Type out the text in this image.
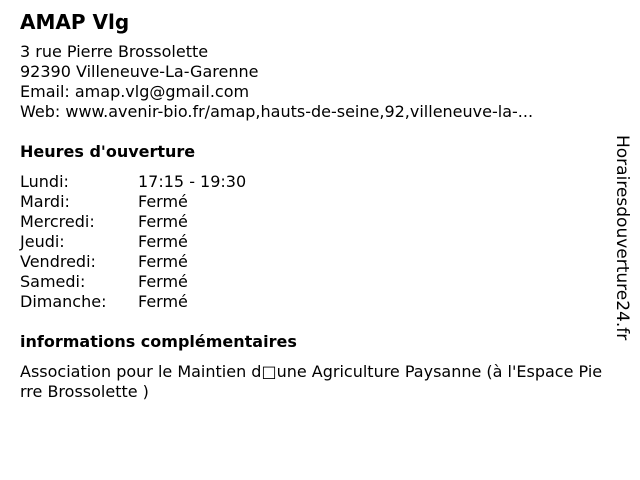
AMAP Vlg
3 rue Pierre Brossolette
92390 Villeneuve-La-Garenne
Email: amap.vlg@gmail.com
Web: www.avenir-bio.fr/amap,hauts-de-seine,92,villeneuve-la-...
Heures d'ouverture
Lundi:	17:15 - 19:30
Mardi:	Fermé
Mercredi:	Fermé
Jeudi:	Fermé
Vendredi:	Fermé
Samedi:	Fermé
Dimanche:	Fermé
informations complémentaires
Association pour le Maintien d□une Agriculture Paysanne (à l'Espace Pierre Brossolette )
Horairesdouverture24.fr
